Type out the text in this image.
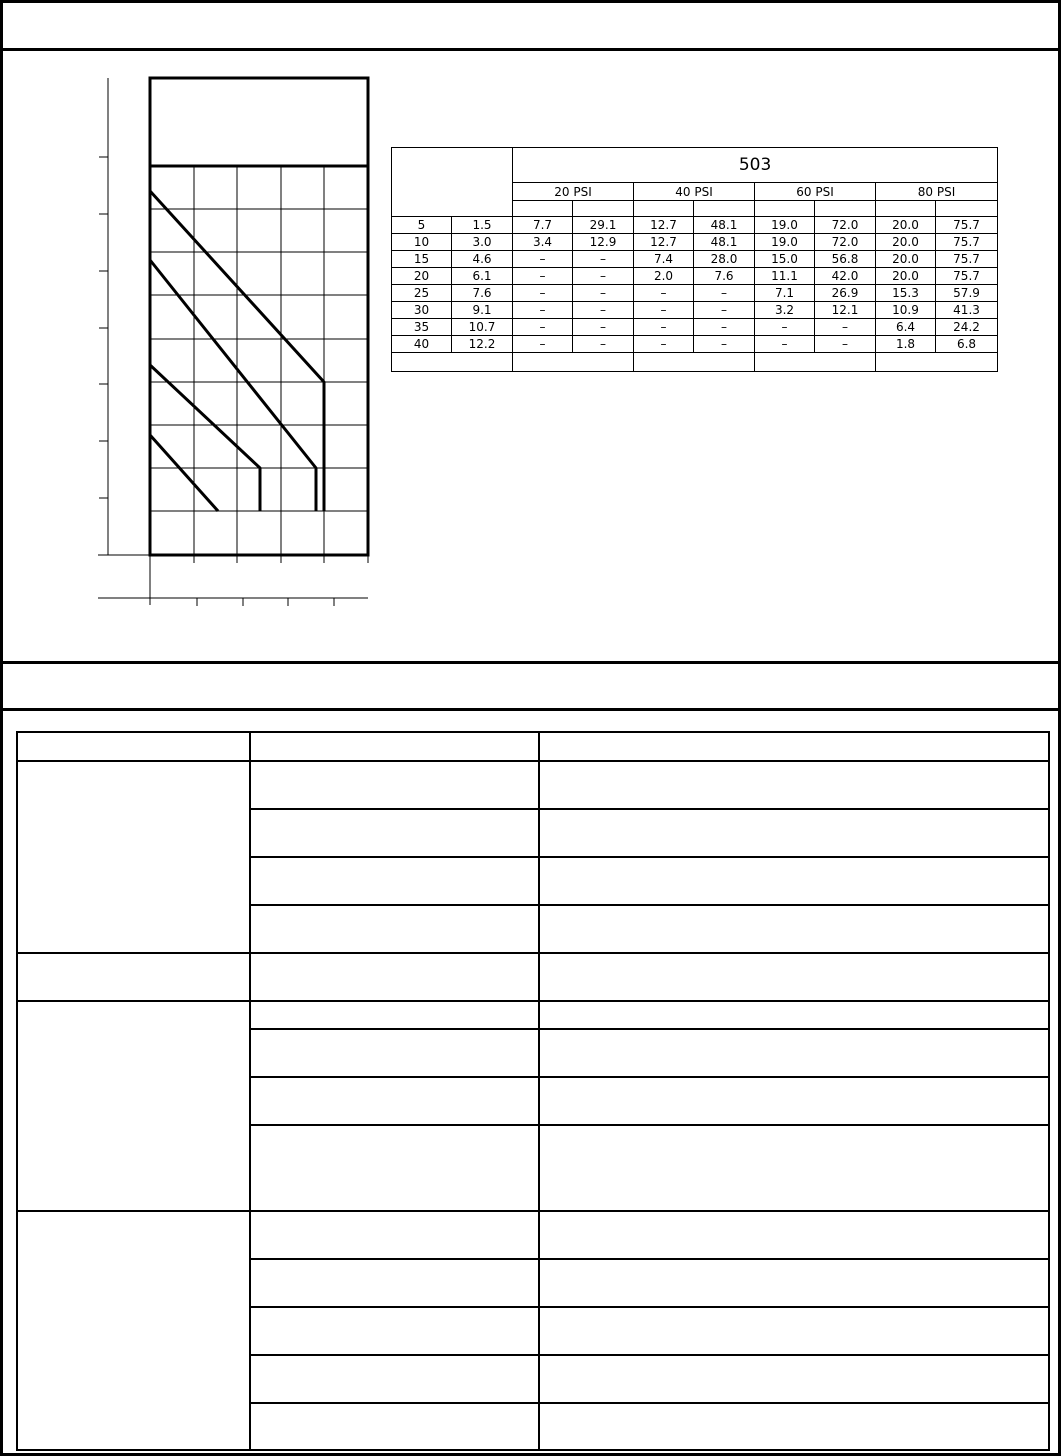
		503							
		20 PSI		40 PSI		60 PSI		80 PSI	

5	1.5	7.7	29.1	12.7	48.1	19.0	72.0	20.0	75.7
10	3.0	3.4	12.9	12.7	48.1	19.0	72.0	20.0	75.7
15	4.6	–	–	7.4	28.0	15.0	56.8	20.0	75.7
20	6.1	–	–	2.0	7.6	11.1	42.0	20.0	75.7
25	7.6	–	–	–	–	7.1	26.9	15.3	57.9
30	9.1	–	–	–	–	3.2	12.1	10.9	41.3
35	10.7	–	–	–	–	–	–	6.4	24.2
40	12.2	–	–	–	–	–	–	1.8	6.8
